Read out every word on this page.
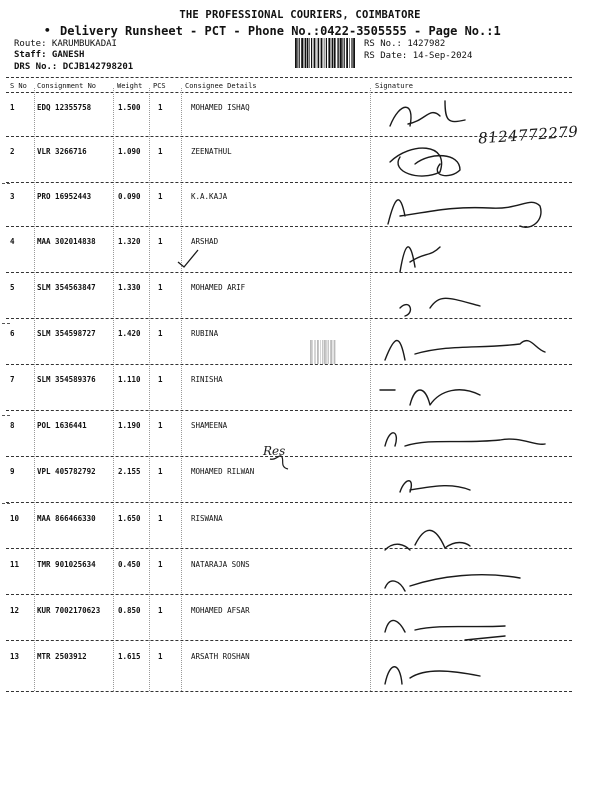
THE PROFESSIONAL COURIERS, COIMBATORE
• Delivery Runsheet - PCT - Phone No.:0422-3505555 - Page No.:1
Route: KARUMBUKADAI
Staff: GANESH
DRS No.: DCJB142798201
RS No.: 1427982
RS Date: 14-Sep-2024
S No Consignment No	Weight PCS	Consignee Details	Signature
1	EDQ 12355758	1.500 1	MOHAMED ISHAQ
2	VLR 3266716	1.090 1	ZEENATHUL
3	PRO 16952443	0.090 1	K.A.KAJA
4	MAA 302014838	1.320 1	ARSHAD
5	SLM 354563847	1.330 1	MOHAMED ARIF
6	SLM 354598727	1.420 1	RUBINA
7	SLM 354589376	1.110 1	RINISHA
8	POL 1636441	1.190 1	SHAMEENA
9	VPL 405782792	2.155 1	MOHAMED RILWAN
10 MAA 866466330	1.650 1	RISWANA
11 TMR 901025634	0.450 1	NATARAJA SONS
12 KUR 7002170623 0.850 1	MOHAMED AFSAR
13 MTR 2503912	1.615 1	ARSATH ROSHAN
8124772279
Res
